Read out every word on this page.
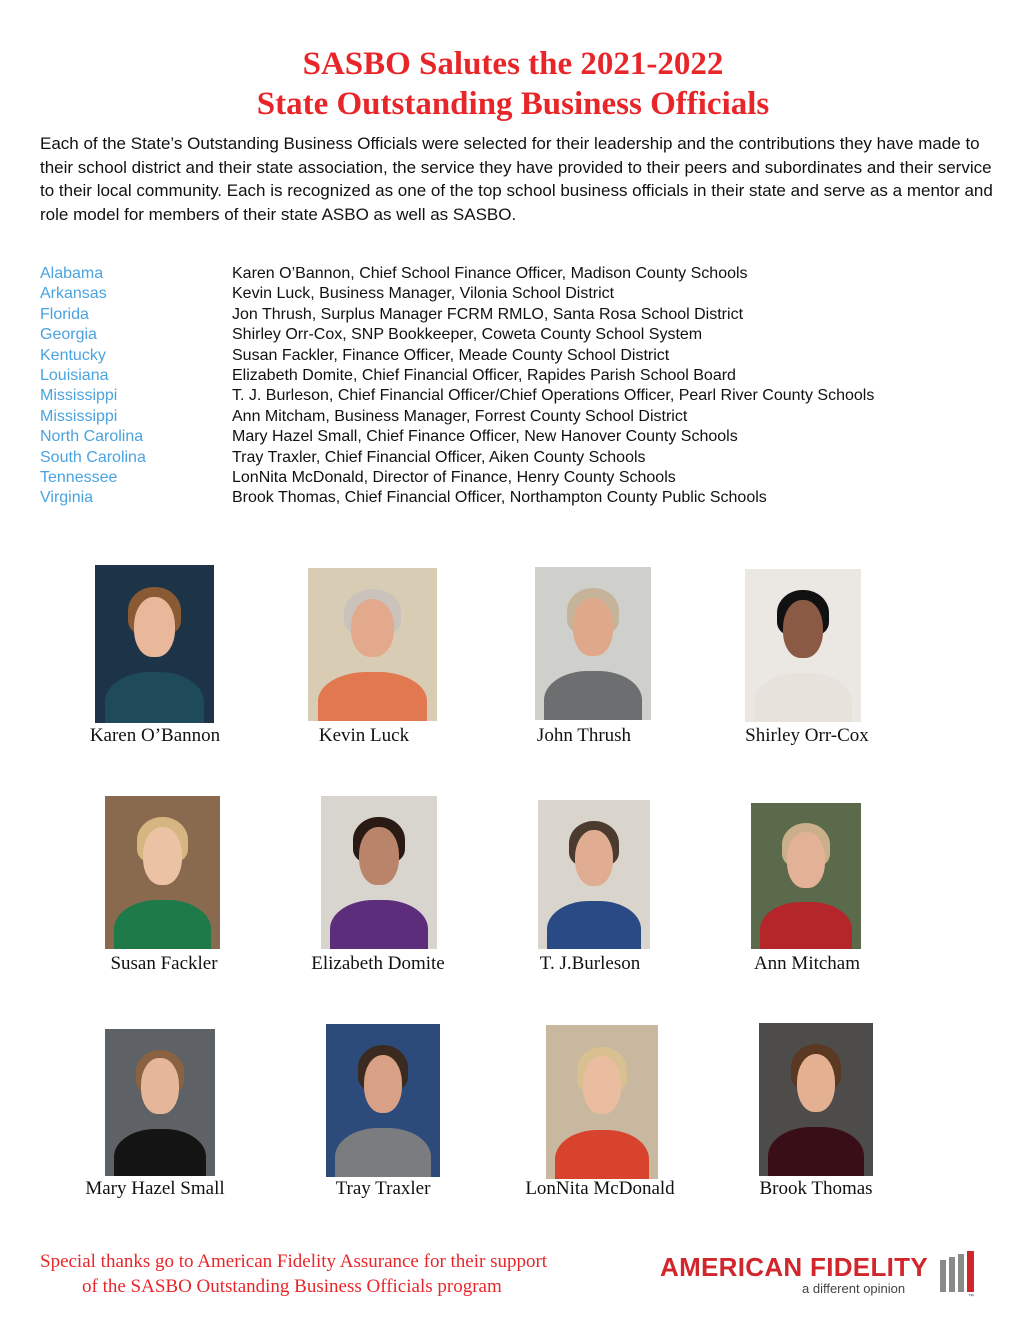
SASBO Salutes the 2021-2022
State Outstanding Business Officials

Each of the State’s Outstanding Business Officials were selected for their leadership and the contributions they have made to their school district and their state association, the service they have provided to their peers and subordinates and their service to their local community. Each is recognized as one of the top school business officials in their state and serve as a mentor and role model for members of their state ASBO as well as SASBO.

Alabama	Karen O’Bannon, Chief School Finance Officer, Madison County Schools
Arkansas	Kevin Luck, Business Manager, Vilonia School District
Florida	Jon Thrush, Surplus Manager FCRM RMLO, Santa Rosa School District
Georgia	Shirley Orr-Cox, SNP Bookkeeper, Coweta County School System
Kentucky	Susan Fackler, Finance Officer, Meade County School District
Louisiana	Elizabeth Domite, Chief Financial Officer, Rapides Parish School Board
Mississippi	T. J. Burleson, Chief Financial Officer/Chief Operations Officer, Pearl River County Schools
Mississippi	Ann Mitcham, Business Manager, Forrest County School District
North Carolina	Mary Hazel Small, Chief Finance Officer, New Hanover County Schools
South Carolina	Tray Traxler, Chief Financial Officer, Aiken County Schools
Tennessee	LonNita McDonald, Director of Finance, Henry County Schools
Virginia	Brook Thomas, Chief Financial Officer, Northampton County Public Schools
Karen O’Bannon	Kevin Luck	John Thrush	Shirley Orr-Cox
Susan Fackler	Elizabeth Domite	T. J.Burleson	Ann Mitcham
Mary Hazel Small	Tray Traxler	LonNita McDonald	Brook Thomas
Special thanks go to American Fidelity Assurance for their support
of the SASBO Outstanding Business Officials program
AMERICAN FIDELITY
a different opinion
™
